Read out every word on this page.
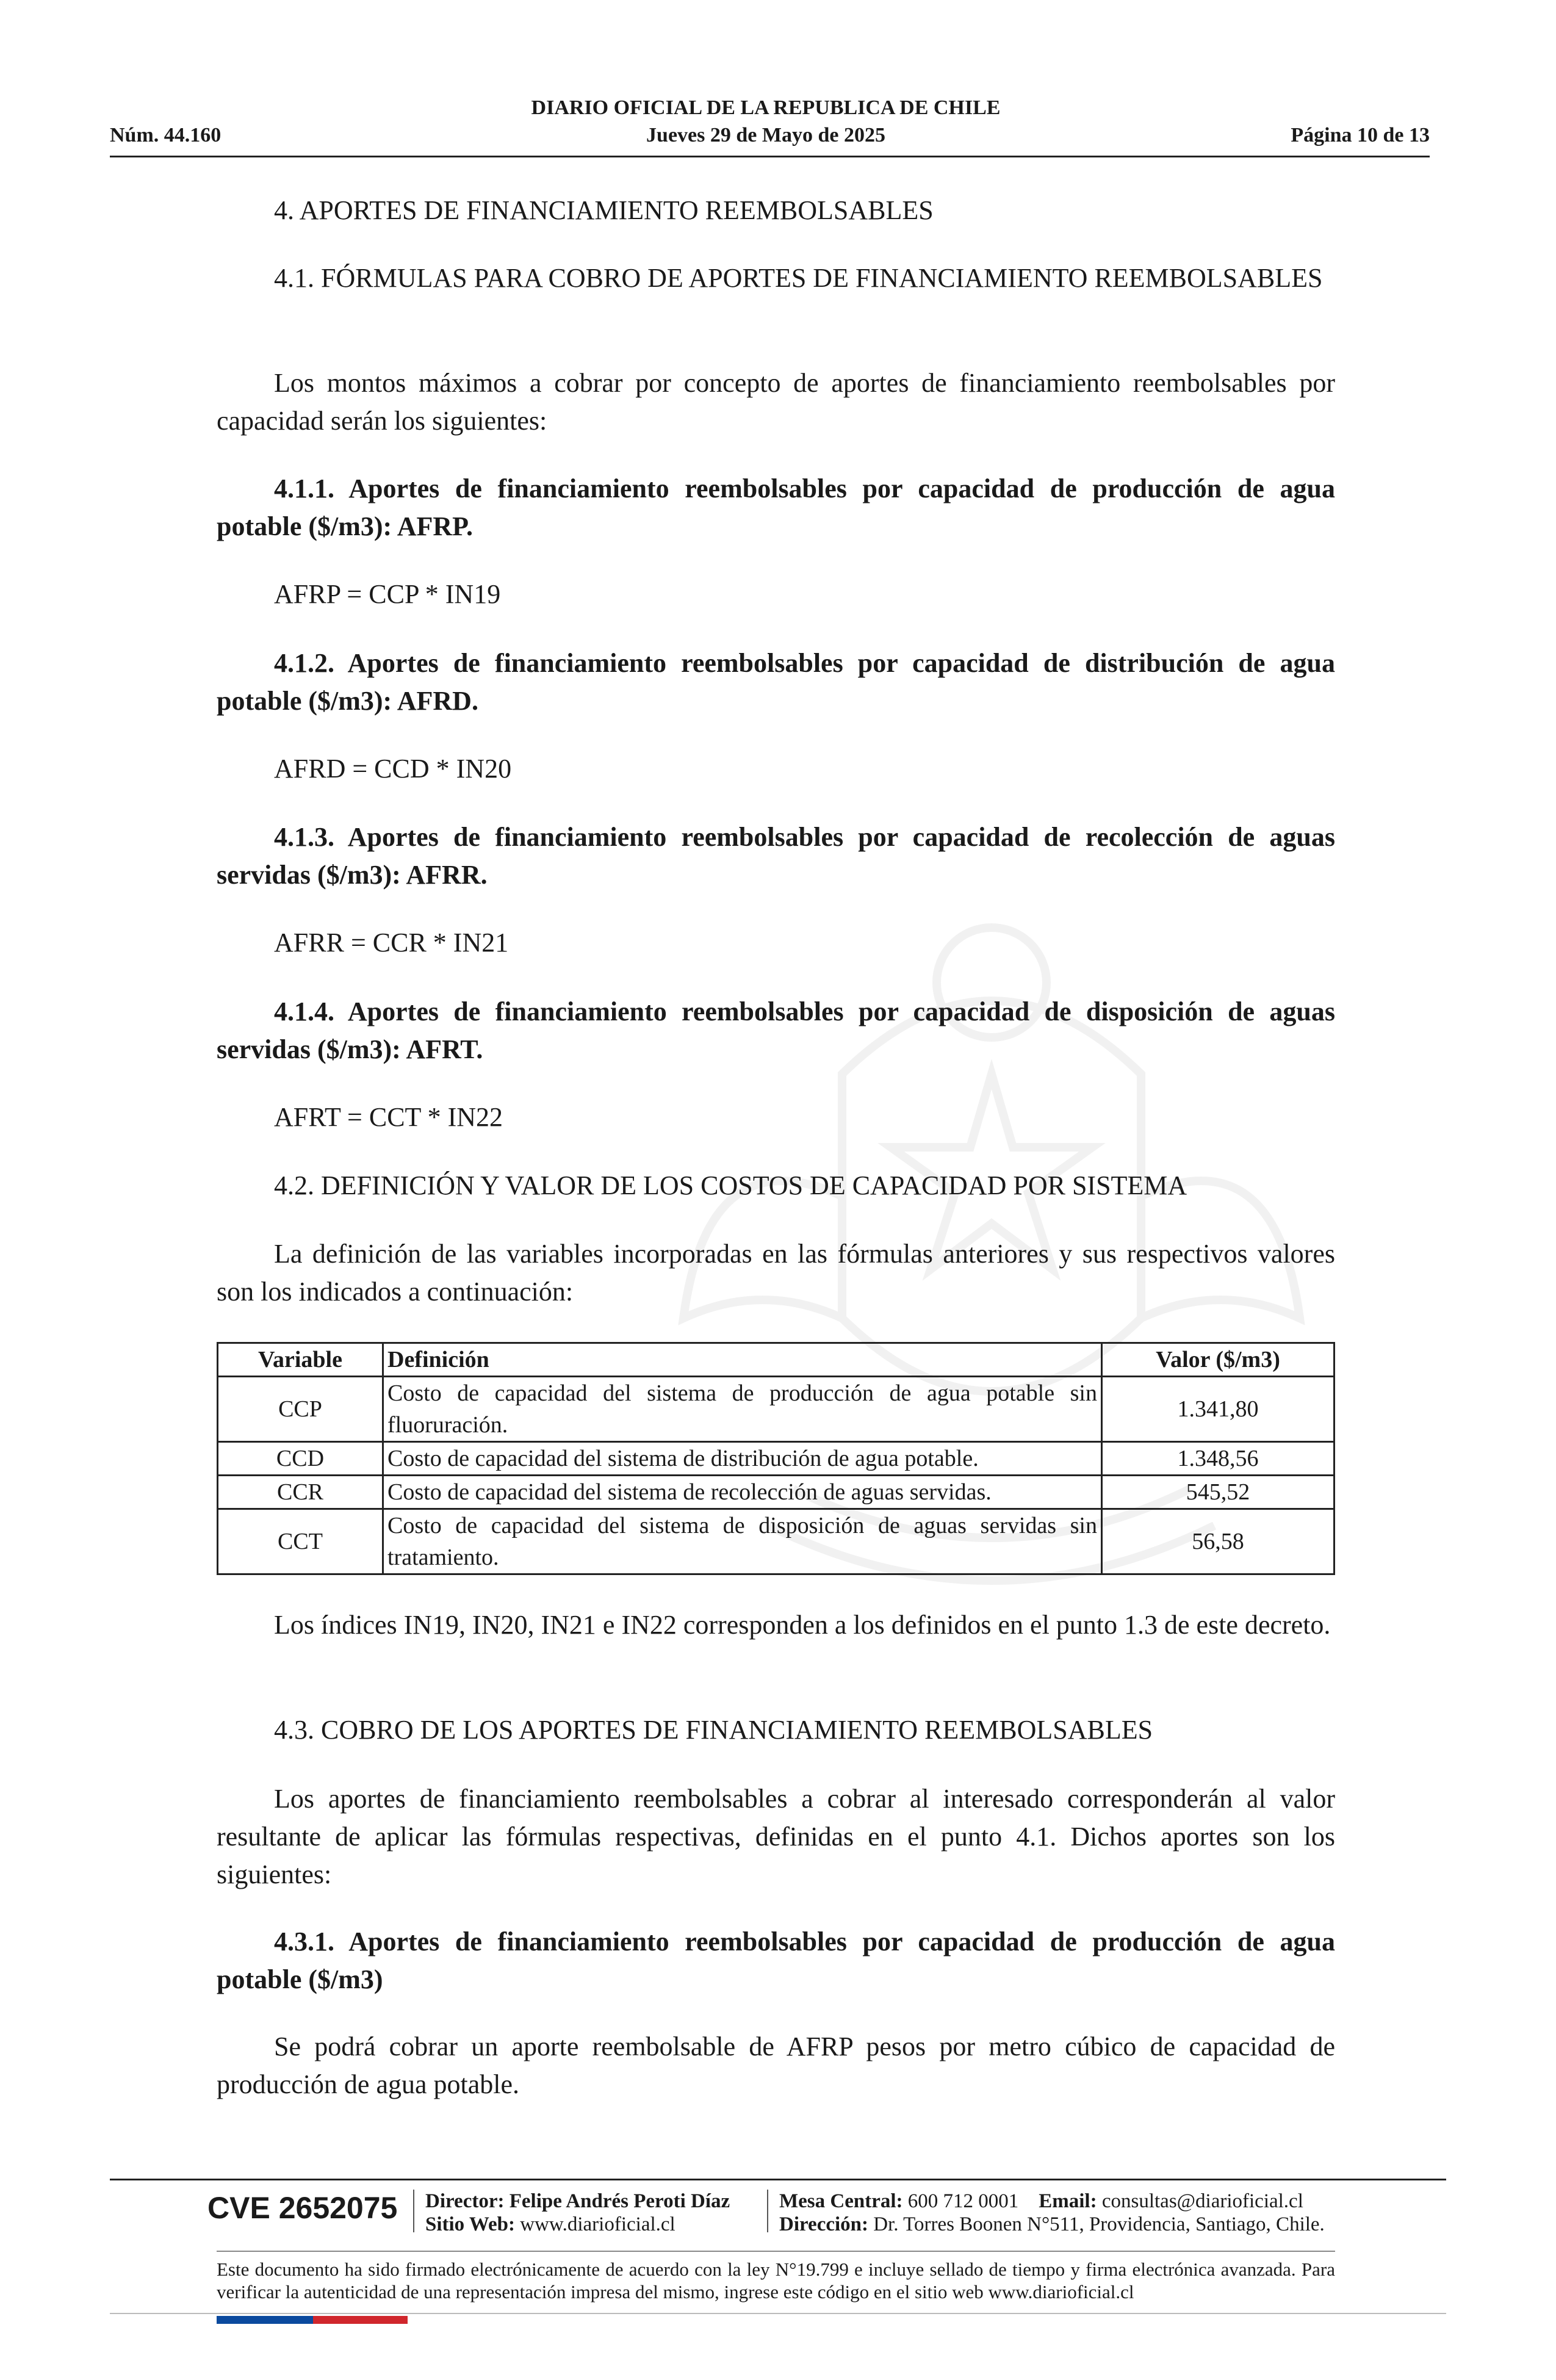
DIARIO OFICIAL DE LA REPUBLICA DE CHILE
Núm. 44.160	Jueves 29 de Mayo de 2025	Página 10 de 13
4. APORTES DE FINANCIAMIENTO REEMBOLSABLES
4.1. FÓRMULAS PARA COBRO DE APORTES DE FINANCIAMIENTO REEMBOLSABLES
Los montos máximos a cobrar por concepto de aportes de financiamiento reembolsables por capacidad serán los siguientes:
4.1.1. Aportes de financiamiento reembolsables por capacidad de producción de agua potable ($/m3): AFRP.
AFRP = CCP * IN19
4.1.2. Aportes de financiamiento reembolsables por capacidad de distribución de agua potable ($/m3): AFRD.
AFRD = CCD * IN20
4.1.3. Aportes de financiamiento reembolsables por capacidad de recolección de aguas servidas ($/m3): AFRR.
AFRR = CCR * IN21
4.1.4. Aportes de financiamiento reembolsables por capacidad de disposición de aguas servidas ($/m3): AFRT.
AFRT = CCT * IN22
4.2. DEFINICIÓN Y VALOR DE LOS COSTOS DE CAPACIDAD POR SISTEMA
La definición de las variables incorporadas en las fórmulas anteriores y sus respectivos valores son los indicados a continuación:
Variable	Definición	Valor ($/m3)
CCP	Costo de capacidad del sistema de producción de agua potable sin fluoruración.	1.341,80
CCD	Costo de capacidad del sistema de distribución de agua potable.	1.348,56
CCR	Costo de capacidad del sistema de recolección de aguas servidas.	545,52
CCT	Costo de capacidad del sistema de disposición de aguas servidas sin tratamiento.	56,58
Los índices IN19, IN20, IN21 e IN22 corresponden a los definidos en el punto 1.3 de este decreto.
4.3. COBRO DE LOS APORTES DE FINANCIAMIENTO REEMBOLSABLES
Los aportes de financiamiento reembolsables a cobrar al interesado corresponderán al valor resultante de aplicar las fórmulas respectivas, definidas en el punto 4.1. Dichos aportes son los siguientes:
4.3.1. Aportes de financiamiento reembolsables por capacidad de producción de agua potable ($/m3)
Se podrá cobrar un aporte reembolsable de AFRP pesos por metro cúbico de capacidad de producción de agua potable.
CVE 2652075 Director: Felipe Andrés Peroti Díaz
Sitio Web: www.diarioficial.cl
Mesa Central: 600 712 0001 Email: consultas@diarioficial.cl
Dirección: Dr. Torres Boonen N°511, Providencia, Santiago, Chile.
Este documento ha sido firmado electrónicamente de acuerdo con la ley N°19.799 e incluye sellado de tiempo y firma electrónica avanzada. Para verificar la autenticidad de una representación impresa del mismo, ingrese este código en el sitio web www.diarioficial.cl
